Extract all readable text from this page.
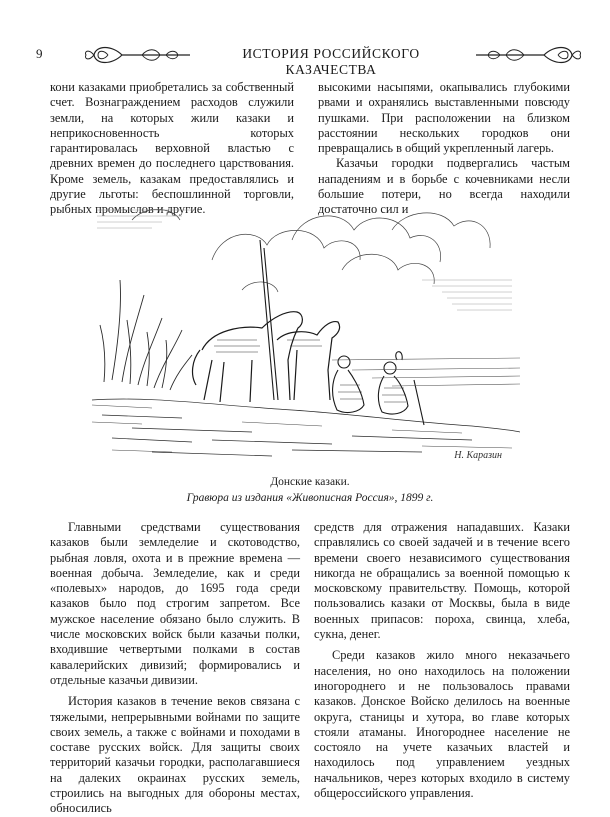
9	ИСТОРИЯ РОССИЙСКОГО КАЗАЧЕСТВА

кони казаками приобретались за собственный счет. Вознаграждением расходов служили земли, на которых жили казаки и неприкосновенность которых гарантировалась верховной властью с древних времен до последнего царствования. Кроме земель, казакам предоставлялись и другие льготы: беспошлинной торговли, рыбных промыслов и другие.

высокими насыпями, окапывались глубокими рвами и охранялись выставленными повсюду пушками. При расположении на близком расстоянии нескольких городков они превращались в общий укрепленный лагерь.

Казачьи городки подвергались частым нападениям и в борьбе с кочевниками несли большие потери, но всегда находили достаточно сил и

Н. Каразин
Донские казаки.
Гравюра из издания «Живописная Россия», 1899 г.

Главными средствами существования казаков были земледелие и скотоводство, рыбная ловля, охота и в прежние времена — военная добыча. Земледелие, как и среди «полевых» народов, до 1695 года среди казаков было под строгим запретом. Все мужское население обязано было служить. В числе московских войск были казачьи полки, входившие четвертыми полками в состав кавалерийских дивизий; формировались и отдельные казачьи дивизии.

История казаков в течение веков связана с тяжелыми, непрерывными войнами по защите своих земель, а также с войнами и походами в составе русских войск. Для защиты своих территорий казачьи городки, располагавшиеся на далеких окраинах русских земель, строились на выгодных для обороны местах, обносились

средств для отражения нападавших. Казаки справлялись со своей задачей и в течение всего времени своего независимого существования никогда не обращались за военной помощью к московскому правительству. Помощь, которой пользовались казаки от Москвы, была в виде военных припасов: пороха, свинца, хлеба, сукна, денег.

Среди казаков жило много неказачьего населения, но оно находилось на положении иногороднего и не пользовалось правами казаков. Донское Войско делилось на военные округа, станицы и хутора, во главе которых стояли атаманы. Иногороднее население не состояло на учете казачьих властей и находилось под управлением уездных начальников, через которых входило в систему общероссийского управления.
